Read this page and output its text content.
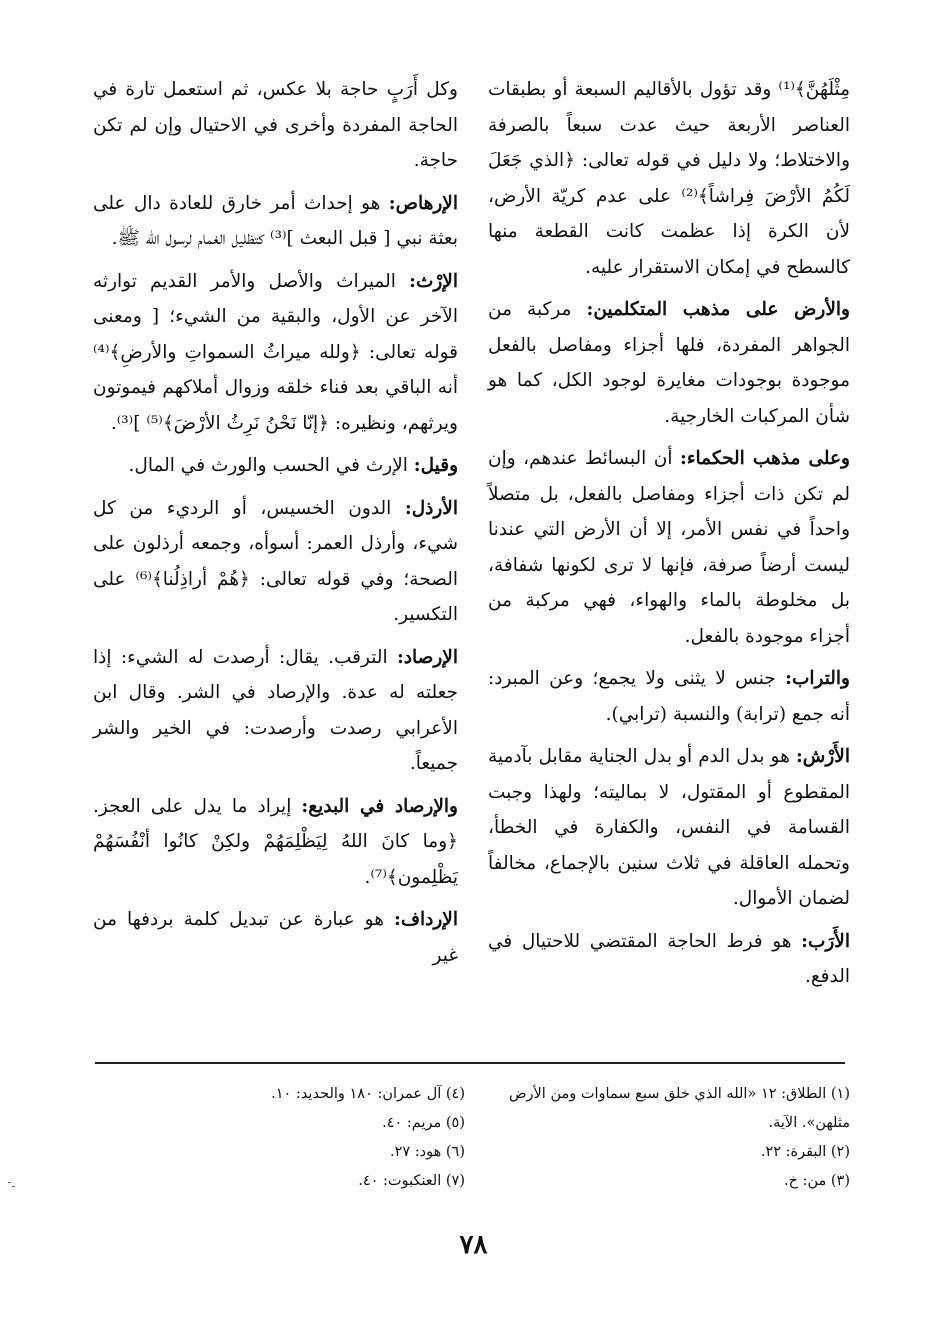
مِثْلَهُنَّ﴾⁽¹⁾ وقد تؤول بالأقاليم السبعة أو بطبقات العناصر الأربعة حيث عدت سبعاً بالصرفة والاختلاط؛ ولا دليل في قوله تعالى: ﴿الذي جَعَلَ لَكُمُ الأرْضَ فِراشاً﴾⁽²⁾ على عدم كريّة الأرض، لأن الكرة إذا عظمت كانت القطعة منها كالسطح في إمكان الاستقرار عليه.

والأرض على مذهب المتكلمين: مركبة من الجواهر المفردة، فلها أجزاء ومفاصل بالفعل موجودة بوجودات مغايرة لوجود الكل، كما هو شأن المركبات الخارجية.

وعلى مذهب الحكماء: أن البسائط عندهم، وإن لم تكن ذات أجزاء ومفاصل بالفعل، بل متصلاً واحداً في نفس الأمر، إلا أن الأرض التي عندنا ليست أرضاً صرفة، فإنها لا ترى لكونها شفافة، بل مخلوطة بالماء والهواء، فهي مركبة من أجزاء موجودة بالفعل.

والتراب: جنس لا يثنى ولا يجمع؛ وعن المبرد: أنه جمع (ترابة) والنسبة (ترابي).

الأَرْش: هو بدل الدم أو بدل الجناية مقابل بآدمية المقطوع أو المقتول، لا بماليته؛ ولهذا وجبت القسامة في النفس، والكفارة في الخطأ، وتحمله العاقلة في ثلاث سنين بالإجماع، مخالفاً لضمان الأموال.

الأَرَب: هو فرط الحاجة المقتضي للاحتيال في الدفع.

وكل أَرَبٍ حاجة بلا عكس، ثم استعمل تارة في الحاجة المفردة وأخرى في الاحتيال وإن لم تكن حاجة.

الإرهاص: هو إحداث أمر خارق للعادة دال على بعثة نبي [ قبل البعث ]⁽³⁾ كتظليل الغمام لرسول الله ﷺ.

الإرْث: الميراث والأصل والأمر القديم توارثه الآخر عن الأول، والبقية من الشيء؛ [ ومعنى قوله تعالى: ﴿ولله ميراثُ السمواتِ والأرضِ﴾⁽⁴⁾ أنه الباقي بعد فناء خلقه وزوال أملاكهم فيموتون ويرثهم، ونظيره: ﴿إنّا نَحْنُ نَرِثُ الأرْضَ﴾⁽⁵⁾ ]⁽³⁾.

وقيل: الإرث في الحسب والورث في المال.

الأرذل: الدون الخسيس، أو الرديء من كل شيء، وأرذل العمر: أسوأه، وجمعه أرذلون على الصحة؛ وفي قوله تعالى: ﴿هُمْ أراذِلُنا﴾⁽⁶⁾ على التكسير.

الإرصاد: الترقب. يقال: أرصدت له الشيء: إذا جعلته له عدة. والإرصاد في الشر. وقال ابن الأعرابي رصدت وأرصدت: في الخير والشر جميعاً.

والإرصاد في البديع: إيراد ما يدل على العجز. ﴿وما كانَ اللهُ لِيَظْلِمَهُمْ ولكِنْ كانُوا أنْفُسَهُمْ يَظْلِمون﴾⁽⁷⁾.

الإرداف: هو عبارة عن تبديل كلمة بردفها من غير

(١) الطلاق: ١٢ «الله الذي خلق سبع سماوات ومن الأرض مثلهن». الآية.

(٢) البقرة: ٢٢.

(٣) من: خ.

(٤) آل عمران: ١٨٠ والحديد: ١٠.

(٥) مريم: ٤٠.

(٦) هود: ٢٧.

(٧) العنكبوت: ٤٠.

٧٨
